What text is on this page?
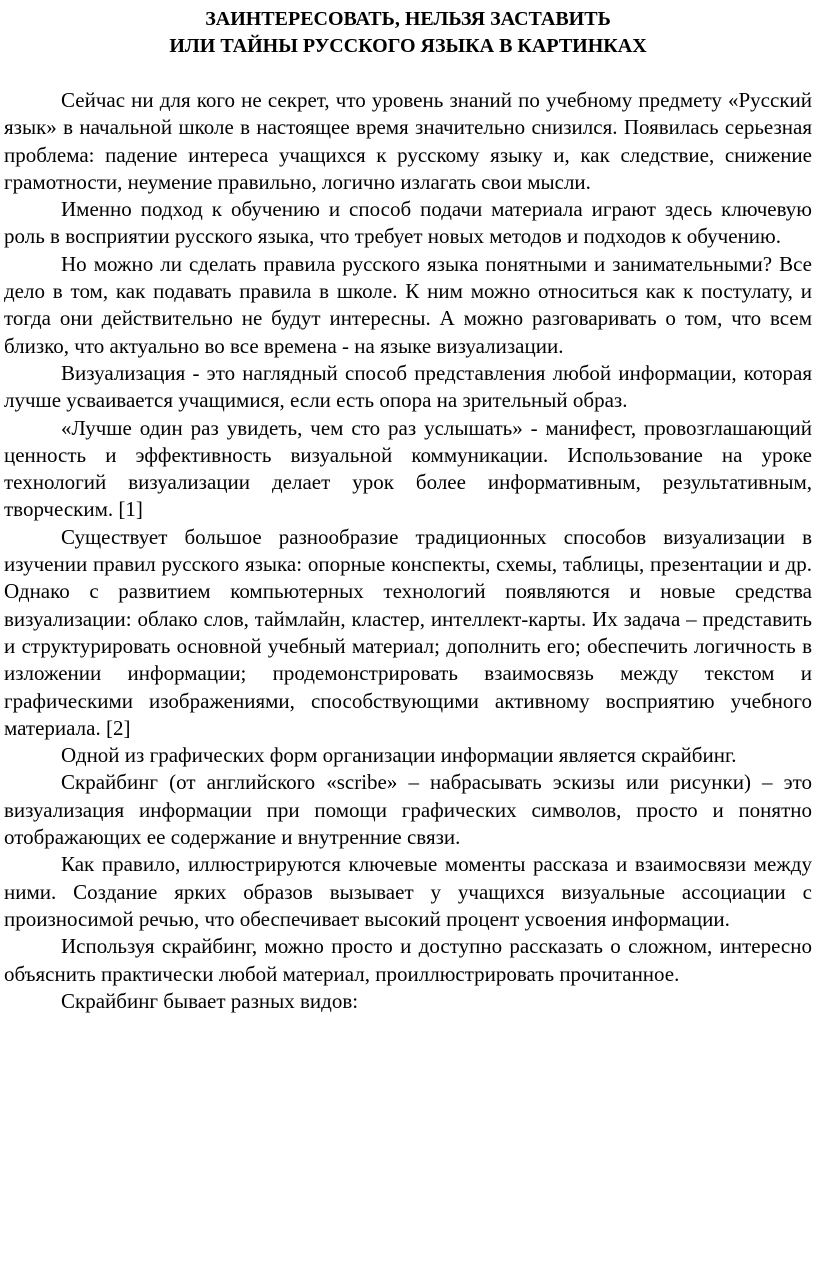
ЗАИНТЕРЕСОВАТЬ, НЕЛЬЗЯ ЗАСТАВИТЬ
ИЛИ ТАЙНЫ РУССКОГО ЯЗЫКА В КАРТИНКАХ

Сейчас ни для кого не секрет, что уровень знаний по учебному предмету «Русский язык» в начальной школе в настоящее время значительно снизился. Появилась серьезная проблема: падение интереса учащихся к русскому языку и, как следствие, снижение грамотности, неумение правильно, логично излагать свои мысли.

Именно подход к обучению и способ подачи материала играют здесь ключевую роль в восприятии русского языка, что требует новых методов и подходов к обучению.

Но можно ли сделать правила русского языка понятными и занимательными? Все дело в том, как подавать правила в школе. К ним можно относиться как к постулату, и тогда они действительно не будут интересны. А можно разговаривать о том, что всем близко, что актуально во все времена - на языке визуализации.

Визуализация - это наглядный способ представления любой информации, которая лучше усваивается учащимися, если есть опора на зрительный образ.

«Лучше один раз увидеть, чем сто раз услышать» - манифест, провозглашающий ценность и эффективность визуальной коммуникации. Использование на уроке технологий визуализации делает урок более информативным, результативным, творческим. [1]

Существует большое разнообразие традиционных способов визуализации в изучении правил русского языка: опорные конспекты, схемы, таблицы, презентации и др. Однако с развитием компьютерных технологий появляются и новые средства визуализации: облако слов, таймлайн, кластер, интеллект-карты. Их задача – представить и структурировать основной учебный материал; дополнить его; обеспечить логичность в изложении информации; продемонстрировать взаимосвязь между текстом и графическими изображениями, способствующими активному восприятию учебного материала. [2]

Одной из графических форм организации информации является скрайбинг.

Скрайбинг (от английского «scribe» – набрасывать эскизы или рисунки) – это визуализация информации при помощи графических символов, просто и понятно отображающих ее содержание и внутренние связи.

Как правило, иллюстрируются ключевые моменты рассказа и взаимосвязи между ними. Создание ярких образов вызывает у учащихся визуальные ассоциации с произносимой речью, что обеспечивает высокий процент усвоения информации.

Используя скрайбинг, можно просто и доступно рассказать о сложном, интересно объяснить практически любой материал, проиллюстрировать прочитанное.

Скрайбинг бывает разных видов:
